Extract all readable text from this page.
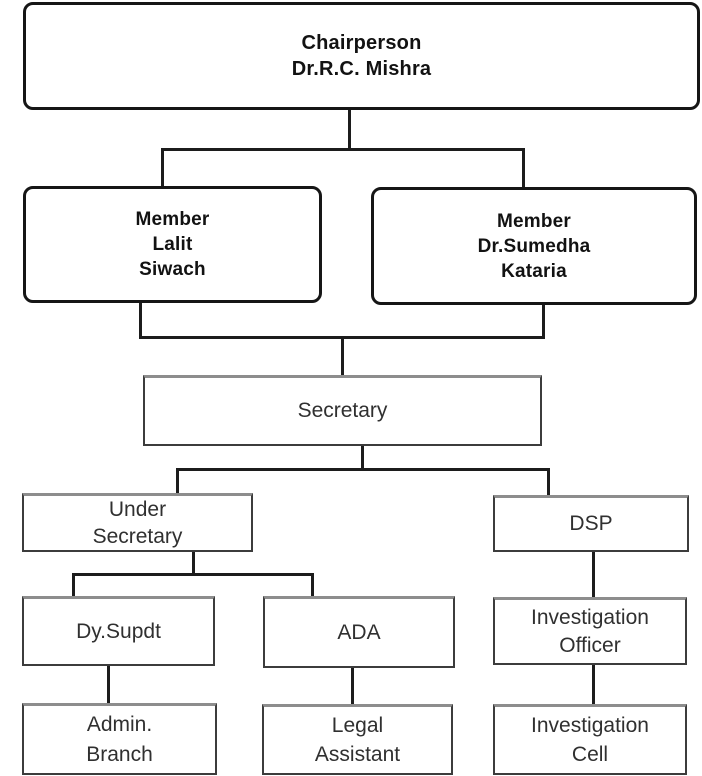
Chairperson
Dr.R.C. Mishra
Member
Lalit
Siwach
Member
Dr.Sumedha
Kataria
Secretary
Under
Secretary
DSP
Dy.Supdt	ADA
Investigation
Officer
Admin.
Branch
Legal
Assistant
Investigation
Cell
